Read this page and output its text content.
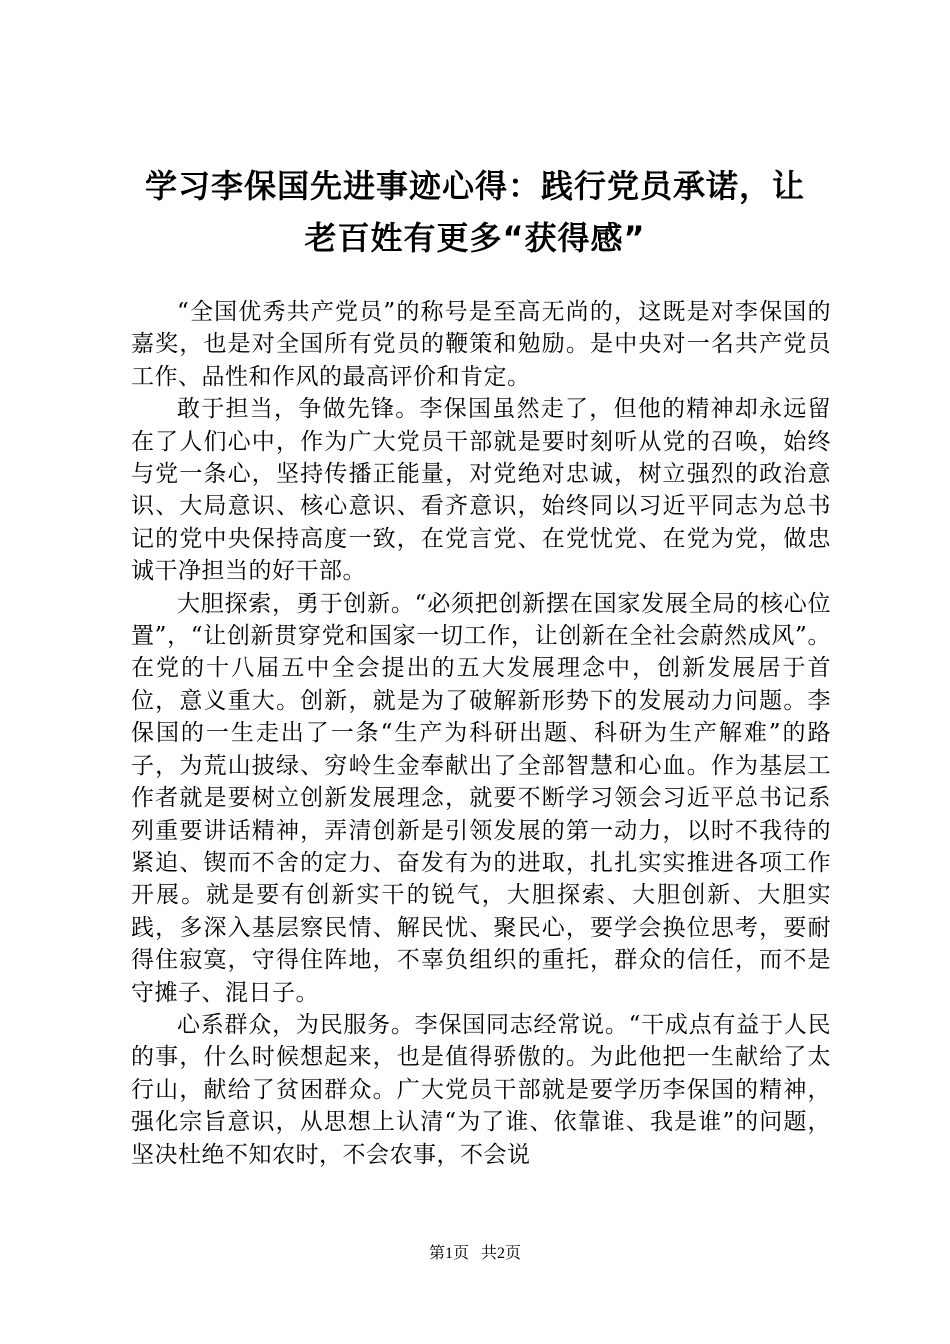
学习李保国先进事迹心得：践行党员承诺，让
老百姓有更多“获得感”

“全国优秀共产党员”的称号是至高无尚的，这既是对李保国的嘉奖，也是对全国所有党员的鞭策和勉励。是中央对一名共产党员工作、品性和作风的最高评价和肯定。

敢于担当，争做先锋。李保国虽然走了，但他的精神却永远留在了人们心中，作为广大党员干部就是要时刻听从党的召唤，始终与党一条心，坚持传播正能量，对党绝对忠诚，树立强烈的政治意识、大局意识、核心意识、看齐意识，始终同以习近平同志为总书记的党中央保持高度一致，在党言党、在党忧党、在党为党，做忠诚干净担当的好干部。

大胆探索，勇于创新。“必须把创新摆在国家发展全局的核心位置”，“让创新贯穿党和国家一切工作，让创新在全社会蔚然成风”。在党的十八届五中全会提出的五大发展理念中，创新发展居于首位，意义重大。创新，就是为了破解新形势下的发展动力问题。李保国的一生走出了一条“生产为科研出题、科研为生产解难”的路子，为荒山披绿、穷岭生金奉献出了全部智慧和心血。作为基层工作者就是要树立创新发展理念，就要不断学习领会习近平总书记系列重要讲话精神，弄清创新是引领发展的第一动力，以时不我待的紧迫、锲而不舍的定力、奋发有为的进取，扎扎实实推进各项工作开展。就是要有创新实干的锐气，大胆探索、大胆创新、大胆实践，多深入基层察民情、解民忧、聚民心，要学会换位思考，要耐得住寂寞，守得住阵地，不辜负组织的重托，群众的信任，而不是守摊子、混日子。

心系群众，为民服务。李保国同志经常说。“干成点有益于人民的事，什么时候想起来，也是值得骄傲的。为此他把一生献给了太行山，献给了贫困群众。广大党员干部就是要学历李保国的精神，强化宗旨意识，从思想上认清“为了谁、依靠谁、我是谁”的问题，坚决杜绝不知农时，不会农事，不会说

第1页 共2页
